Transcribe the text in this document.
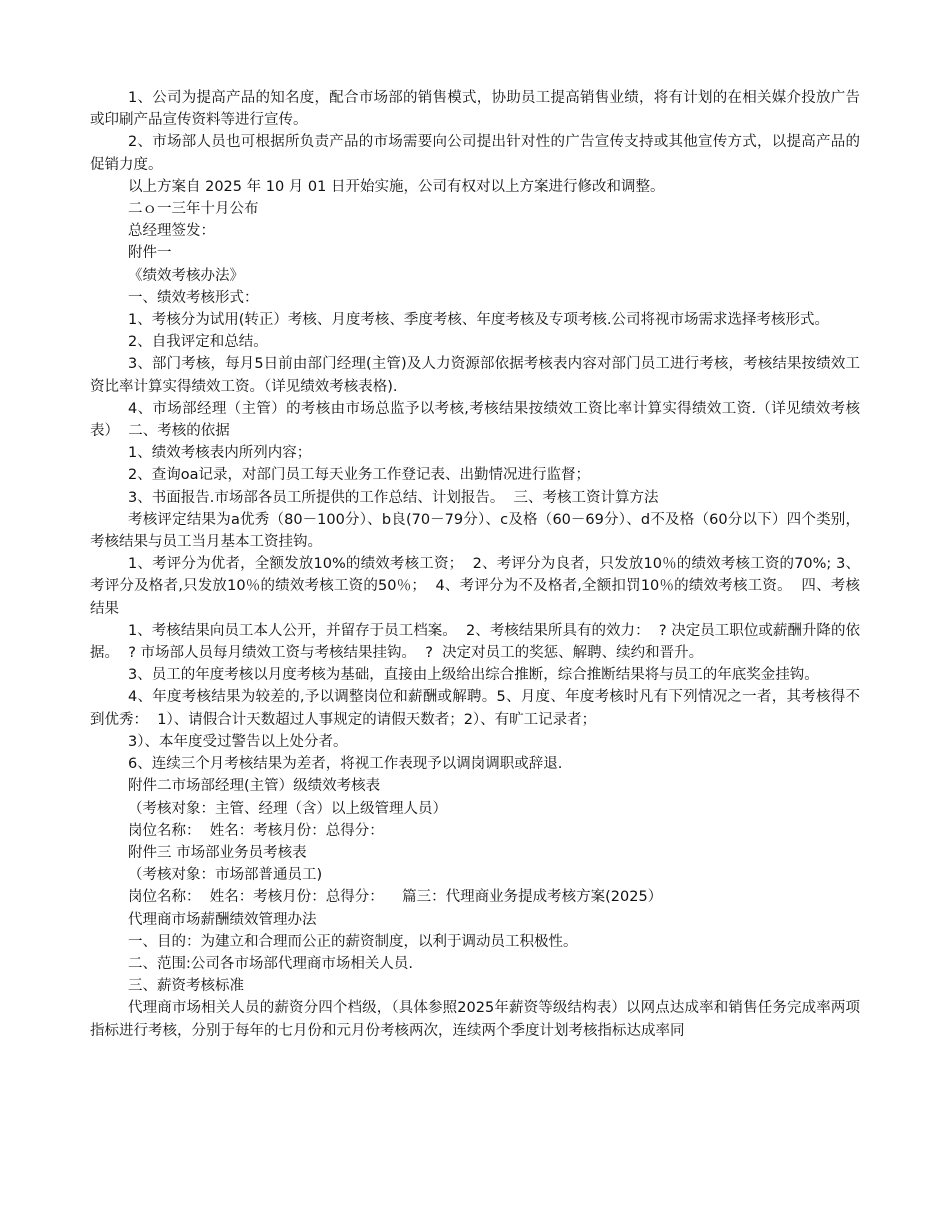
1、公司为提高产品的知名度，配合市场部的销售模式，协助员工提高销售业绩，将有计划的在相关媒介投放广告或印刷产品宣传资料等进行宣传。

2、市场部人员也可根据所负责产品的市场需要向公司提出针对性的广告宣传支持或其他宣传方式，以提高产品的促销力度。

以上方案自 2025 年 10 月 01 日开始实施，公司有权对以上方案进行修改和调整。

二ｏ一三年十月公布

总经理签发：

附件一

《绩效考核办法》

一、绩效考核形式：

1、考核分为试用(转正）考核、月度考核、季度考核、年度考核及专项考核.公司将视市场需求选择考核形式。

2、自我评定和总结。

3、部门考核，每月5日前由部门经理(主管)及人力资源部依据考核表内容对部门员工进行考核，考核结果按绩效工资比率计算实得绩效工资。（详见绩效考核表格).

4、市场部经理（主管）的考核由市场总监予以考核,考核结果按绩效工资比率计算实得绩效工资.（详见绩效考核表）  二、考核的依据

1、绩效考核表内所列内容；

2、查询oa记录，对部门员工每天业务工作登记表、出勤情况进行监督；

3、书面报告.市场部各员工所提供的工作总结、计划报告。  三、考核工资计算方法

考核评定结果为a优秀（80－100分）、b良(70－79分）、c及格（60－69分）、d不及格（60分以下）四个类别，考核结果与员工当月基本工资挂钩。

1、考评分为优者，全额发放10%的绩效考核工资；  2、考评分为良者，只发放10％的绩效考核工资的70%; 3、考评分及格者,只发放10％的绩效考核工资的50％；  4、考评分为不及格者,全额扣罚10％的绩效考核工资。  四、考核结果

1、考核结果向员工本人公开，并留存于员工档案。  2、考核结果所具有的效力：  ? 决定员工职位或薪酬升降的依据。  ? 市场部人员每月绩效工资与考核结果挂钩。  ?  决定对员工的奖惩、解聘、续约和晋升。

3、员工的年度考核以月度考核为基础，直接由上级给出综合推断，综合推断结果将与员工的年底奖金挂钩。

4、年度考核结果为较差的,予以调整岗位和薪酬或解聘。5、月度、年度考核时凡有下列情况之一者，其考核得不到优秀：  1）、请假合计天数超过人事规定的请假天数者；2）、有旷工记录者；

3）、本年度受过警告以上处分者。

6、连续三个月考核结果为差者，将视工作表现予以调岗调职或辞退.

附件二市场部经理(主管）级绩效考核表

（考核对象：主管、经理（含）以上级管理人员）

岗位名称：  姓名：考核月份：总得分：

附件三 市场部业务员考核表

（考核对象：市场部普通员工)

岗位名称：  姓名：考核月份：总得分：    篇三：代理商业务提成考核方案(2025）

代理商市场薪酬绩效管理办法

一、目的：为建立和合理而公正的薪资制度，以利于调动员工积极性。

二、范围:公司各市场部代理商市场相关人员.

三、薪资考核标准

代理商市场相关人员的薪资分四个档级，（具体参照2025年薪资等级结构表）以网点达成率和销售任务完成率两项指标进行考核，分别于每年的七月份和元月份考核两次，连续两个季度计划考核指标达成率同
